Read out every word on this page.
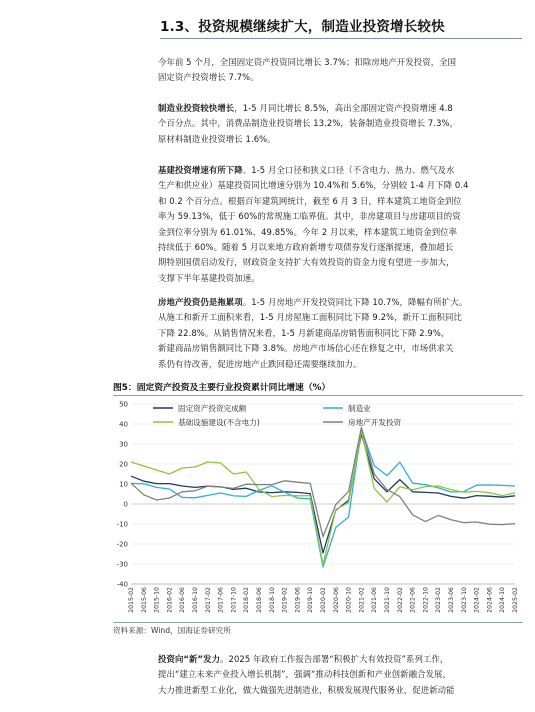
1.3、投资规模继续扩大，制造业投资增长较快
今年前 5 个月，全国固定资产投资同比增长 3.7%；扣除房地产开发投资，全国
固定资产投资增长 7.7%。
制造业投资较快增长，1-5 月同比增长 8.5%，高出全部固定资产投资增速 4.8
个百分点。其中，消费品制造业投资增长 13.2%，装备制造业投资增长 7.3%，
原材料制造业投资增长 1.6%。
基建投资增速有所下降。1-5 月全口径和狭义口径（不含电力、热力、燃气及水
生产和供应业）基建投资同比增速分别为 10.4%和 5.6%，分别较 1-4 月下降 0.4
和 0.2 个百分点。根据百年建筑网统计，截至 6 月 3 日，样本建筑工地资金到位
率为 59.13%，低于 60%的常规施工临界值。其中，非房建项目与房建项目的资
金到位率分别为 61.01%、49.85%。今年 2 月以来，样本建筑工地资金到位率
持续低于 60%。随着 5 月以来地方政府新增专项债券发行逐渐提速，叠加超长
期特别国债启动发行，财政资金支持扩大有效投资的资金力度有望进一步加大，
支撑下半年基建投资加速。
房地产投资仍是拖累项。1-5 月房地产开发投资同比下降 10.7%，降幅有所扩大。
从施工和新开工面积来看，1-5 月房屋施工面积同比下降 9.2%，新开工面积同比
下降 22.8%。从销售情况来看，1-5 月新建商品房销售面积同比下降 2.9%，
新建商品房销售额同比下降 3.8%。房地产市场信心还在修复之中，市场供求关
系仍有待改善，促进房地产止跌回稳还需要继续加力。
图5：固定资产投资及主要行业投资累计同比增速（%）
50
40
30
20
10
0
-10
-20
-30
-40
2015-02 2015-06 2015-10 2016-02 2016-06 2016-10 2017-02 2017-06 2017-10 2018-02 2018-06 2018-10 2019-02 2019-06 2019-10 2020-02 2020-06 2020-10 2021-02 2021-06 2021-10 2022-02 2022-06 2022-10 2023-02 2023-06 2023-10 2024-02 2024-06 2024-10 2025-02
固定资产投资完成额	制造业
基础设施建设(不含电力)	房地产开发投资
资料来源：Wind，国海证券研究所
投资向“新”发力。2025 年政府工作报告部署“积极扩大有效投资”系列工作，
提出“建立未来产业投入增长机制”，强调“推动科技创新和产业创新融合发展，
大力推进新型工业化，做大做强先进制造业，积极发展现代服务业，促进新动能
